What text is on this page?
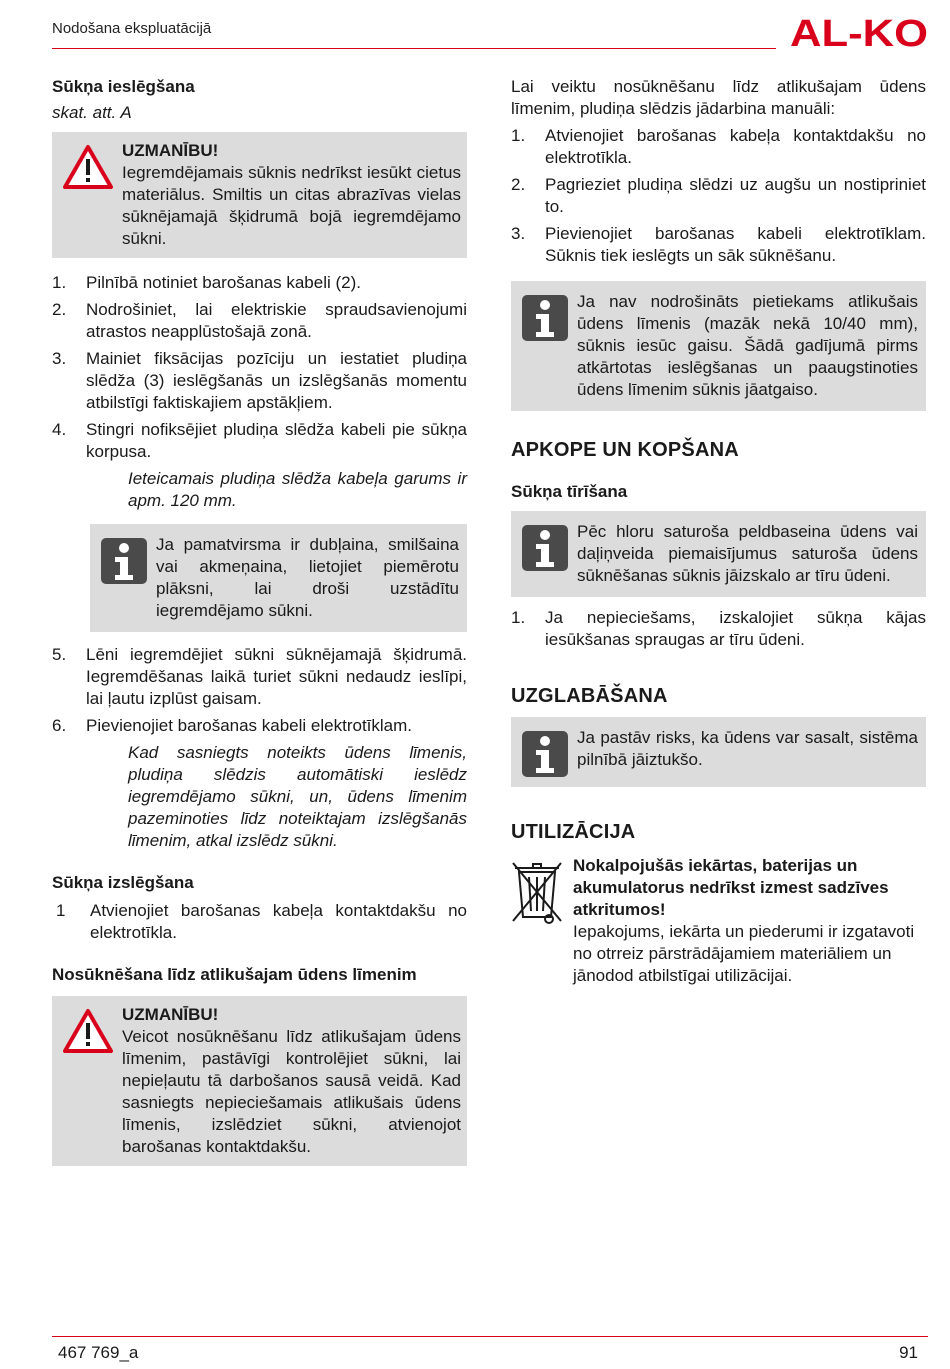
Nodošana ekspluatācijā	AL-KO
Sūkņa ieslēgšana
skat. att. A
UZMANĪBU!
Iegremdējamais sūknis nedrīkst iesūkt cietus materiālus. Smiltis un citas abrazīvas vielas sūknējamajā šķidrumā bojā iegremdējamo sūkni.
1.	Pilnībā notiniet barošanas kabeli (2).
2.	Nodrošiniet, lai elektriskie spraudsavienojumi atrastos neapplūstošajā zonā.
3.	Mainiet fiksācijas pozīciju un iestatiet pludiņa slēdža (3) ieslēgšanās un izslēgšanās momentu atbilstīgi faktiskajiem apstākļiem.
4.	Stingri nofiksējiet pludiņa slēdža kabeli pie sūkņa korpusa.
Ieteicamais pludiņa slēdža kabeļa garums ir apm. 120 mm.
Ja pamatvirsma ir dubļaina, smilšaina vai akmeņaina, lietojiet piemērotu plāksni, lai droši uzstādītu iegremdējamo sūkni.
5.	Lēni iegremdējiet sūkni sūknējamajā šķidrumā. Iegremdēšanas laikā turiet sūkni nedaudz ieslīpi, lai ļautu izplūst gaisam.
6.	Pievienojiet barošanas kabeli elektrotīklam.
Kad sasniegts noteikts ūdens līmenis, pludiņa slēdzis automātiski ieslēdz iegremdējamo sūkni, un, ūdens līmenim pazeminoties līdz noteiktajam izslēgšanās līmenim, atkal izslēdz sūkni.
Sūkņa izslēgšana
1	Atvienojiet barošanas kabeļa kontaktdakšu no elektrotīkla.
Nosūknēšana līdz atlikušajam ūdens līmenim
UZMANĪBU!
Veicot nosūknēšanu līdz atlikušajam ūdens līmenim, pastāvīgi kontrolējiet sūkni, lai nepieļautu tā darbošanos sausā veidā. Kad sasniegts nepieciešamais atlikušais ūdens līmenis, izslēdziet sūkni, atvienojot barošanas kontaktdakšu.

Lai veiktu nosūknēšanu līdz atlikušajam ūdens līmenim, pludiņa slēdzis jādarbina manuāli:

1.	Atvienojiet barošanas kabeļa kontaktdakšu no elektrotīkla.
2.	Pagrieziet pludiņa slēdzi uz augšu un nostipriniet to.
3.	Pievienojiet barošanas kabeli elektrotīklam. Sūknis tiek ieslēgts un sāk sūknēšanu.
Ja nav nodrošināts pietiekams atlikušais ūdens līmenis (mazāk nekā 10/40 mm), sūknis iesūc gaisu. Šādā gadījumā pirms atkārtotas ieslēgšanas un paaugstinoties ūdens līmenim sūknis jāatgaiso.
APKOPE UN KOPŠANA
Sūkņa tīrīšana
Pēc hloru saturoša peldbaseina ūdens vai daļiņveida piemaisījumus saturoša ūdens sūknēšanas sūknis jāizskalo ar tīru ūdeni.
1.	Ja nepieciešams, izskalojiet sūkņa kājas iesūkšanas spraugas ar tīru ūdeni.
UZGLABĀŠANA
Ja pastāv risks, ka ūdens var sasalt, sistēma pilnībā jāiztukšo.
UTILIZĀCIJA
Nokalpojušās iekārtas, baterijas un akumulatorus nedrīkst izmest sadzīves atkritumos!
Iepakojums, iekārta un piederumi ir izgatavoti no otrreiz pārstrādājamiem materiāliem un jānodod atbilstīgai utilizācijai.
467 769_a	91
